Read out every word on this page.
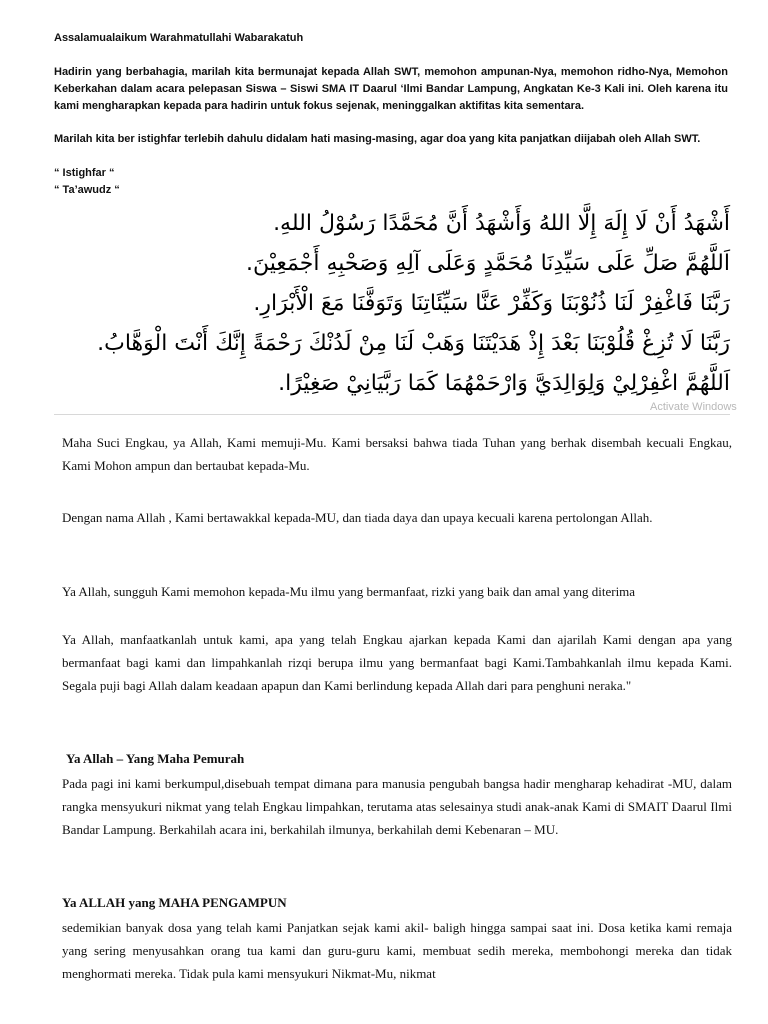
Assalamualaikum Warahmatullahi Wabarakatuh

Hadirin yang berbahagia, marilah kita bermunajat kepada Allah SWT, memohon ampunan-Nya, memohon ridho-Nya, Memohon Keberkahan dalam acara pelepasan Siswa – Siswi SMA IT Daarul ‘Ilmi Bandar Lampung, Angkatan Ke-3 Kali ini. Oleh karena itu kami mengharapkan kepada para hadirin untuk fokus sejenak, meninggalkan aktifitas kita sementara.

Marilah kita ber istighfar terlebih dahulu didalam hati masing-masing, agar doa yang kita panjatkan diijabah oleh Allah SWT.

“ Istighfar “

“ Ta’awudz “

أَشْهَدُ أَنْ لَا إِلَهَ إِلَّا اللهُ وَأَشْهَدُ أَنَّ مُحَمَّدًا رَسُوْلُ اللهِ.
اَللَّهُمَّ صَلِّ عَلَى سَيِّدِنَا مُحَمَّدٍ وَعَلَى آلِهِ وَصَحْبِهِ أَجْمَعِيْنَ.
رَبَّنَا فَاغْفِرْ لَنَا ذُنُوْبَنَا وَكَفِّرْ عَنَّا سَيِّئَاتِنَا وَتَوَفَّنَا مَعَ الْأَبْرَارِ.
رَبَّنَا لَا تُزِغْ قُلُوْبَنَا بَعْدَ إِذْ هَدَيْتَنَا وَهَبْ لَنَا مِنْ لَدُنْكَ رَحْمَةً إِنَّكَ أَنْتَ الْوَهَّابُ.
اَللَّهُمَّ اغْفِرْلِيْ وَلِوَالِدَيَّ وَارْحَمْهُمَا كَمَا رَبَّيَانِيْ صَغِيْرًا.
Activate Windows

Maha Suci Engkau, ya Allah, Kami memuji-Mu. Kami bersaksi bahwa tiada Tuhan yang berhak disembah kecuali Engkau, Kami Mohon ampun dan bertaubat kepada-Mu.

Dengan nama Allah , Kami bertawakkal kepada-MU, dan tiada daya dan upaya kecuali karena pertolongan Allah.

Ya Allah, sungguh Kami memohon kepada-Mu ilmu yang bermanfaat, rizki yang baik dan amal yang diterima

Ya Allah, manfaatkanlah untuk kami, apa yang telah Engkau ajarkan kepada Kami dan ajarilah Kami dengan apa yang bermanfaat bagi kami dan limpahkanlah rizqi berupa ilmu yang bermanfaat bagi Kami.Tambahkanlah ilmu kepada Kami. Segala puji bagi Allah dalam keadaan apapun dan Kami berlindung kepada Allah dari para penghuni neraka."

Ya Allah – Yang Maha Pemurah

Pada pagi ini kami berkumpul,disebuah tempat dimana para manusia pengubah bangsa hadir mengharap kehadirat -MU, dalam rangka mensyukuri nikmat yang telah Engkau limpahkan, terutama atas selesainya studi anak-anak Kami di SMAIT Daarul Ilmi Bandar Lampung. Berkahilah acara ini, berkahilah ilmunya, berkahilah demi Kebenaran – MU.

Ya ALLAH yang MAHA PENGAMPUN

sedemikian banyak dosa yang telah kami Panjatkan sejak kami akil- baligh hingga sampai saat ini. Dosa ketika kami remaja yang sering menyusahkan orang tua kami dan guru-guru kami, membuat sedih mereka, membohongi mereka dan tidak menghormati mereka. Tidak pula kami mensyukuri Nikmat-Mu, nikmat
